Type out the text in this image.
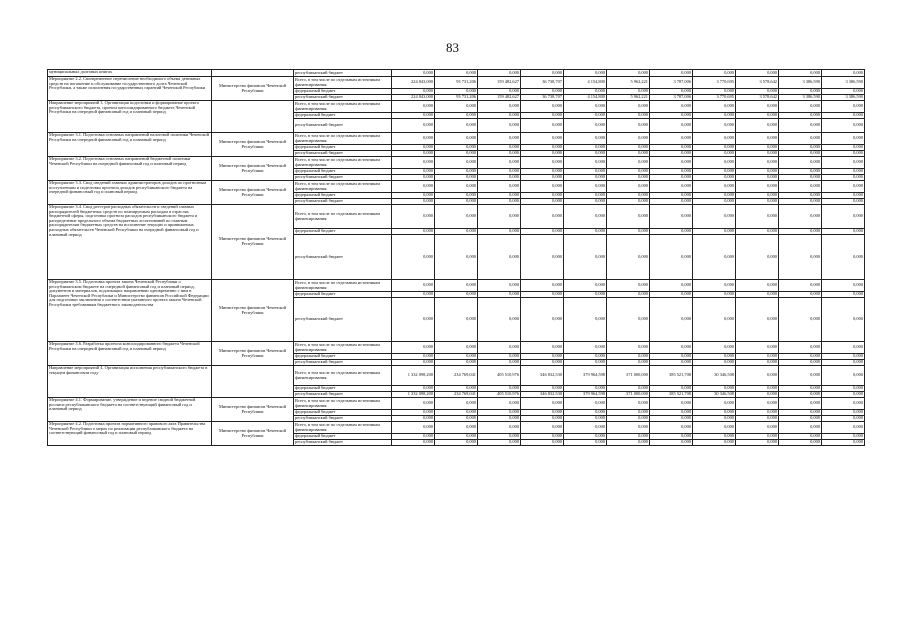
83
муниципальных долговых книгах		республиканский бюджет	0,000	0,000	0,000	0,000	0,000	0,000	0,000	0,000	0,000	0,000	0,000
Мероприятие 2.2. Своевременное перечисление необходимого объема денежных средств на погашение и обслуживание государственного долга Чеченской Республики, а также исполнения государственных гарантий Чеченской Республики	Министерство финансов Чеченской Республики	Всего, в том числе по отдельным источникам финансирования:	224 843,000	93 731,206	159 482,627	36 738,707	4 154,800	5 962,221	3 787,006	3 770,695	3 578,642	3 386,590	3 386,590
		федеральный бюджет	0,000	0,000	0,000	0,000	0,000	0,000	0,000	0,000	0,000	0,000	0,000
		республиканский бюджет	224 843,000	93 731,206	159 482,627	36 738,707	4 154,800	5 962,221	3 787,006	3 770,695	3 578,642	3 386,590	3 386,590
Направление мероприятий 3. Организация подготовки и формирование проекта республиканского бюджета, проекта консолидированного бюджета Чеченской Республики на очередной финансовый год и плановый период		Всего, в том числе по отдельным источникам финансирования:	0,000	0,000	0,000	0,000	0,000	0,000	0,000	0,000	0,000	0,000	0,000
		федеральный бюджет	0,000	0,000	0,000	0,000	0,000	0,000	0,000	0,000	0,000	0,000	0,000
		республиканский бюджет	0,000	0,000	0,000	0,000	0,000	0,000	0,000	0,000	0,000	0,000	0,000
Мероприятие 3.1. Подготовка основных направлений налоговой политики Чеченской Республики на очередной финансовый год и плановый период	Министерство финансов Чеченской Республики	Всего, в том числе по отдельным источникам финансирования:	0,000	0,000	0,000	0,000	0,000	0,000	0,000	0,000	0,000	0,000	0,000
		федеральный бюджет	0,000	0,000	0,000	0,000	0,000	0,000	0,000	0,000	0,000	0,000	0,000
		республиканский бюджет	0,000	0,000	0,000	0,000	0,000	0,000	0,000	0,000	0,000	0,000	0,000
Мероприятие 3.2. Подготовка основных направлений бюджетной политики Чеченской Республики на очередной финансовый год и плановый период	Министерство финансов Чеченской Республики	Всего, в том числе по отдельным источникам финансирования:	0,000	0,000	0,000	0,000	0,000	0,000	0,000	0,000	0,000	0,000	0,000
		федеральный бюджет	0,000	0,000	0,000	0,000	0,000	0,000	0,000	0,000	0,000	0,000	0,000
		республиканский бюджет	0,000	0,000	0,000	0,000	0,000	0,000	0,000	0,000	0,000	0,000	0,000
Мероприятие 3.3. Свод сведений главных администраторов доходов по прогнозным поступлениям и подготовка прогноза доходов республиканского бюджета на очередной финансовый год и плановый период	Министерство финансов Чеченской Республики	Всего, в том числе по отдельным источникам финансирования:	0,000	0,000	0,000	0,000	0,000	0,000	0,000	0,000	0,000	0,000	0,000
		федеральный бюджет	0,000	0,000	0,000	0,000	0,000	0,000	0,000	0,000	0,000	0,000	0,000
		республиканский бюджет	0,000	0,000	0,000	0,000	0,000	0,000	0,000	0,000	0,000	0,000	0,000
Мероприятие 3.4. Свод реестров расходных обязательств и сведений главных распорядителей бюджетных средств по планируемым расходам в отраслях бюджетной сферы, подготовка прогноза расходов республиканского бюджета и распределение предельного объема бюджетных ассигнований по главным распорядителям бюджетных средств на исполнение текущих и принимаемых расходных обязательств Чеченской Республики на очередной финансовый год и плановый период	Министерство финансов Чеченской Республики	Всего, в том числе по отдельным источникам финансирования:	0,000	0,000	0,000	0,000	0,000	0,000	0,000	0,000	0,000	0,000	0,000
		федеральный бюджет	0,000	0,000	0,000	0,000	0,000	0,000	0,000	0,000	0,000	0,000	0,000
		республиканский бюджет	0,000	0,000	0,000	0,000	0,000	0,000	0,000	0,000	0,000	0,000	0,000
Мероприятие 3.5. Подготовка проекта закона Чеченской Республики о республиканском бюджете на очередной финансовый год и плановый период, документов и материалов, подлежащих направлению одновременно с ним в Парламент Чеченской Республики и Министерство финансов Российской Федерации для подготовки заключения о соответствии указанного проекта закона Чеченской Республики требованиям бюджетного законодательства	Министерство финансов Чеченской Республики	Всего, в том числе по отдельным источникам финансирования:	0,000	0,000	0,000	0,000	0,000	0,000	0,000	0,000	0,000	0,000	0,000
		федеральный бюджет	0,000	0,000	0,000	0,000	0,000	0,000	0,000	0,000	0,000	0,000	0,000
		республиканский бюджет	0,000	0,000	0,000	0,000	0,000	0,000	0,000	0,000	0,000	0,000	0,000
Мероприятие 3.6. Разработка прогноза консолидированного бюджета Чеченской Республики на очередной финансовый год и плановый период	Министерство финансов Чеченской Республики	Всего, в том числе по отдельным источникам финансирования:	0,000	0,000	0,000	0,000	0,000	0,000	0,000	0,000	0,000	0,000	0,000
		федеральный бюджет	0,000	0,000	0,000	0,000	0,000	0,000	0,000	0,000	0,000	0,000	0,000
		республиканский бюджет	0,000	0,000	0,000	0,000	0,000	0,000	0,000	0,000	0,000	0,000	0,000
Направление мероприятий 4. Организация исполнения республиканского бюджета в текущем финансовом году		Всего, в том числе по отдельным источникам финансирования:	1 332 098,200	234 769,041	405 510,976	346 832,530	379 964,598	371 000,000	385 521,708	30 346,508	0,000	0,000	0,000
		федеральный бюджет	0,000	0,000	0,000	0,000	0,000	0,000	0,000	0,000	0,000	0,000	0,000
		республиканский бюджет	1 332 098,200	234 769,041	405 510,976	346 832,530	379 964,598	371 000,000	385 521,708	30 346,508	0,000	0,000	0,000
Мероприятие 4.1. Формирование, утверждение и ведение сводной бюджетной росписи республиканского бюджета на соответствующий финансовый год и плановый период	Министерство финансов Чеченской Республики	Всего, в том числе по отдельным источникам финансирования:	0,000	0,000	0,000	0,000	0,000	0,000	0,000	0,000	0,000	0,000	0,000
		федеральный бюджет	0,000	0,000	0,000	0,000	0,000	0,000	0,000	0,000	0,000	0,000	0,000
		республиканский бюджет	0,000	0,000	0,000	0,000	0,000	0,000	0,000	0,000	0,000	0,000	0,000
Мероприятие 4.2. Подготовка проекта нормативного правового акта Правительства Чеченской Республики о мерах по реализации республиканского бюджета на соответствующий финансовый год и плановый период	Министерство финансов Чеченской Республики	Всего, в том числе по отдельным источникам финансирования:	0,000	0,000	0,000	0,000	0,000	0,000	0,000	0,000	0,000	0,000	0,000
		федеральный бюджет	0,000	0,000	0,000	0,000	0,000	0,000	0,000	0,000	0,000	0,000	0,000
		республиканский бюджет	0,000	0,000	0,000	0,000	0,000	0,000	0,000	0,000	0,000	0,000	0,000
